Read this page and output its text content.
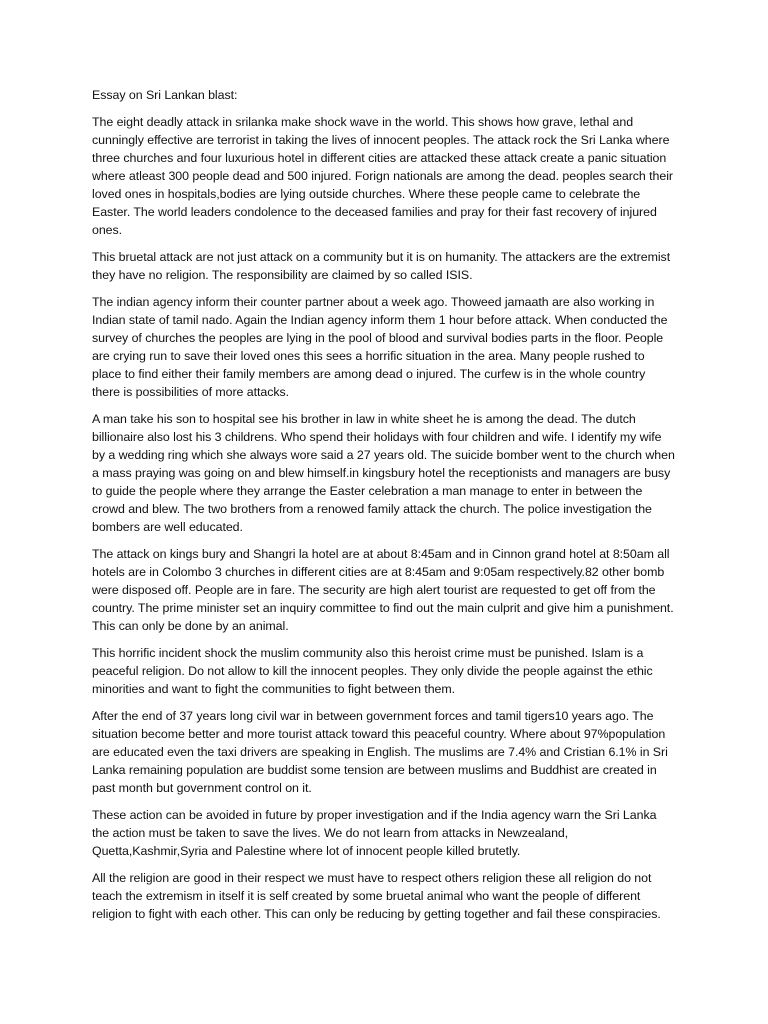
Essay on Sri Lankan blast:

The eight deadly attack in srilanka make shock wave in the world. This shows how grave, lethal and cunningly effective are terrorist in taking the lives of innocent peoples. The attack rock the Sri Lanka where three churches and four luxurious hotel in different cities are attacked these attack create a panic situation where atleast 300 people dead and 500 injured. Forign nationals are among the dead. peoples search their loved ones in hospitals,bodies are lying outside churches. Where these people came to celebrate the Easter. The world leaders condolence to the deceased families and pray for their fast recovery of injured ones.

This bruetal attack are not just attack on a community but it is on humanity. The attackers are the extremist they have no religion. The responsibility are claimed by so called ISIS.

The indian agency inform their counter partner about a week ago. Thoweed jamaath are also working in Indian state of tamil nado. Again the Indian agency inform them 1 hour before attack. When conducted the survey of churches the peoples are lying in the pool of blood and survival bodies parts in the floor. People are crying run to save their loved ones this sees a horrific situation in the area. Many people rushed to place to find either their family members are among dead o injured. The curfew is in the whole country there is possibilities of more attacks.

A man take his son to hospital see his brother in law in white sheet he is among the dead. The dutch billionaire also lost his 3 childrens. Who spend their holidays with four children and wife. I identify my wife by a wedding ring which she always wore said a 27 years old. The suicide bomber went to the church when a mass praying was going on and blew himself.in kingsbury hotel the receptionists and managers are busy to guide the people where they arrange the Easter celebration a man manage to enter in between the crowd and blew. The two brothers from a renowed family attack the church. The police investigation the bombers are well educated.

The attack on kings bury and Shangri la hotel are at about 8:45am and in Cinnon grand hotel at 8:50am all hotels are in Colombo 3 churches in different cities are at 8:45am and 9:05am respectively.82 other bomb were disposed off. People are in fare. The security are high alert tourist are requested to get off from the country. The prime minister set an inquiry committee to find out the main culprit and give him a punishment. This can only be done by an animal.

This horrific incident shock the muslim community also this heroist crime must be punished. Islam is a peaceful religion. Do not allow to kill the innocent peoples. They only divide the people against the ethic minorities and want to fight the communities to fight between them.

After the end of 37 years long civil war in between government forces and tamil tigers10 years ago. The situation become better and more tourist attack toward this peaceful country. Where about 97%population are educated even the taxi drivers are speaking in English. The muslims are 7.4% and Cristian 6.1% in Sri Lanka remaining population are buddist some tension are between muslims and Buddhist are created in past month but government control on it.

These action can be avoided in future by proper investigation and if the India agency warn the Sri Lanka the action must be taken to save the lives. We do not learn from attacks in Newzealand, Quetta,Kashmir,Syria and Palestine where lot of innocent people killed brutetly.

All the religion are good in their respect we must have to respect others religion these all religion do not teach the extremism in itself it is self created by some bruetal animal who want the people of different religion to fight with each other. This can only be reducing by getting together and fail these conspiracies.
